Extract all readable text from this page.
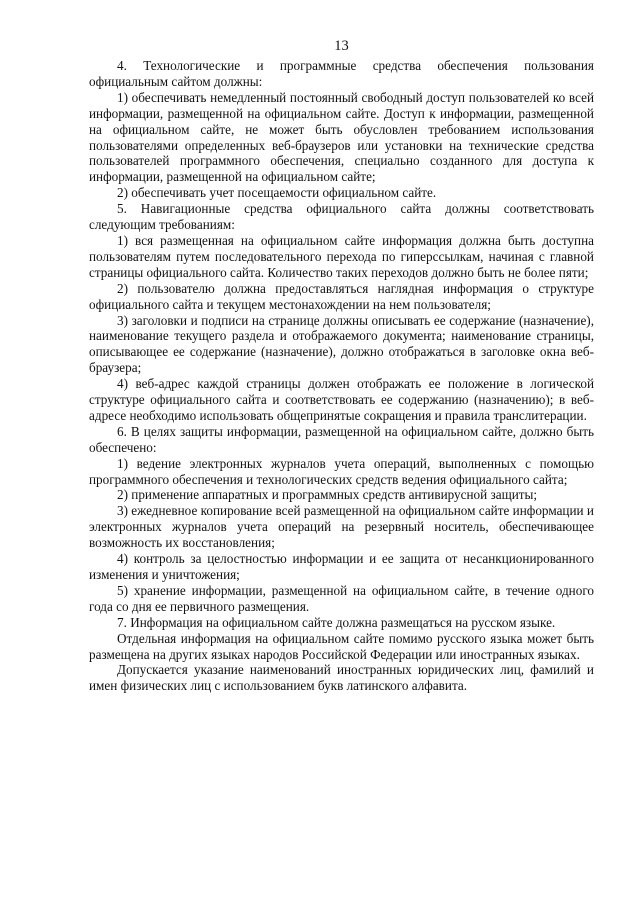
13

4. Технологические и программные средства обеспечения пользования официальным сайтом должны:

1) обеспечивать немедленный постоянный свободный доступ пользователей ко всей информации, размещенной на официальном сайте. Доступ к информации, размещенной на официальном сайте, не может быть обусловлен требованием использования пользователями определенных веб-браузеров или установки на технические средства пользователей программного обеспечения, специально созданного для доступа к информации, размещенной на официальном сайте;

2) обеспечивать учет посещаемости официальном сайте.

5. Навигационные средства официального сайта должны соответствовать следующим требованиям:

1) вся размещенная на официальном сайте информация должна быть доступна пользователям путем последовательного перехода по гиперссылкам, начиная с главной страницы официального сайта. Количество таких переходов должно быть не более пяти;

2) пользователю должна предоставляться наглядная информация о структуре официального сайта и текущем местонахождении на нем пользователя;

3) заголовки и подписи на странице должны описывать ее содержание (назначение), наименование текущего раздела и отображаемого документа; наименование страницы, описывающее ее содержание (назначение), должно отображаться в заголовке окна веб-браузера;

4) веб-адрес каждой страницы должен отображать ее положение в логической структуре официального сайта и соответствовать ее содержанию (назначению); в веб-адресе необходимо использовать общепринятые сокращения и правила транслитерации.

6. В целях защиты информации, размещенной на официальном сайте, должно быть обеспечено:

1) ведение электронных журналов учета операций, выполненных с помощью программного обеспечения и технологических средств ведения официального сайта;

2) применение аппаратных и программных средств антивирусной защиты;

3) ежедневное копирование всей размещенной на официальном сайте информации и электронных журналов учета операций на резервный носитель, обеспечивающее возможность их восстановления;

4) контроль за целостностью информации и ее защита от несанкционированного изменения и уничтожения;

5) хранение информации, размещенной на официальном сайте, в течение одного года со дня ее первичного размещения.

7. Информация на официальном сайте должна размещаться на русском языке.

Отдельная информация на официальном сайте помимо русского языка может быть размещена на других языках народов Российской Федерации или иностранных языках.

Допускается указание наименований иностранных юридических лиц, фамилий и имен физических лиц с использованием букв латинского алфавита.
